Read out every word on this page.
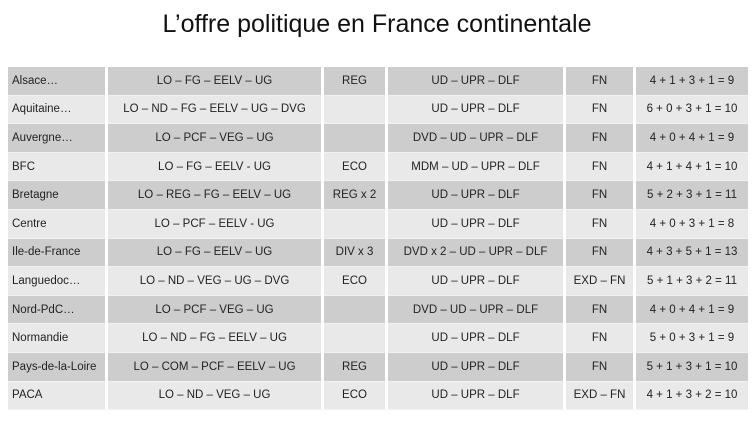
L’offre politique en France continentale
Alsace…	LO – FG – EELV – UG	REG	UD – UPR – DLF	FN	4 + 1 + 3 + 1 = 9
Aquitaine…	LO – ND – FG – EELV – UG – DVG		UD – UPR – DLF	FN	6 + 0 + 3 + 1 = 10
Auvergne…	LO – PCF – VEG – UG		DVD – UD – UPR – DLF	FN	4 + 0 + 4 + 1 = 9
BFC	LO – FG – EELV - UG	ECO	MDM – UD – UPR – DLF	FN	4 + 1 + 4 + 1 = 10
Bretagne	LO – REG – FG – EELV – UG	REG x 2	UD – UPR – DLF	FN	5 + 2 + 3 + 1 = 11
Centre	LO – PCF – EELV - UG		UD – UPR – DLF	FN	4 + 0 + 3 + 1 = 8
Ile-de-France	LO – FG – EELV – UG	DIV x 3	DVD x 2 – UD – UPR – DLF	FN	4 + 3 + 5 + 1 = 13
Languedoc…	LO – ND – VEG – UG – DVG	ECO	UD – UPR – DLF	EXD – FN	5 + 1 + 3 + 2 = 11
Nord-PdC…	LO – PCF – VEG – UG		DVD – UD – UPR – DLF	FN	4 + 0 + 4 + 1 = 9
Normandie	LO – ND – FG – EELV – UG		UD – UPR – DLF	FN	5 + 0 + 3 + 1 = 9
Pays-de-la-Loire	LO – COM – PCF – EELV – UG	REG	UD – UPR – DLF	FN	5 + 1 + 3 + 1 = 10
PACA	LO – ND – VEG – UG	ECO	UD – UPR – DLF	EXD – FN	4 + 1 + 3 + 2 = 10
